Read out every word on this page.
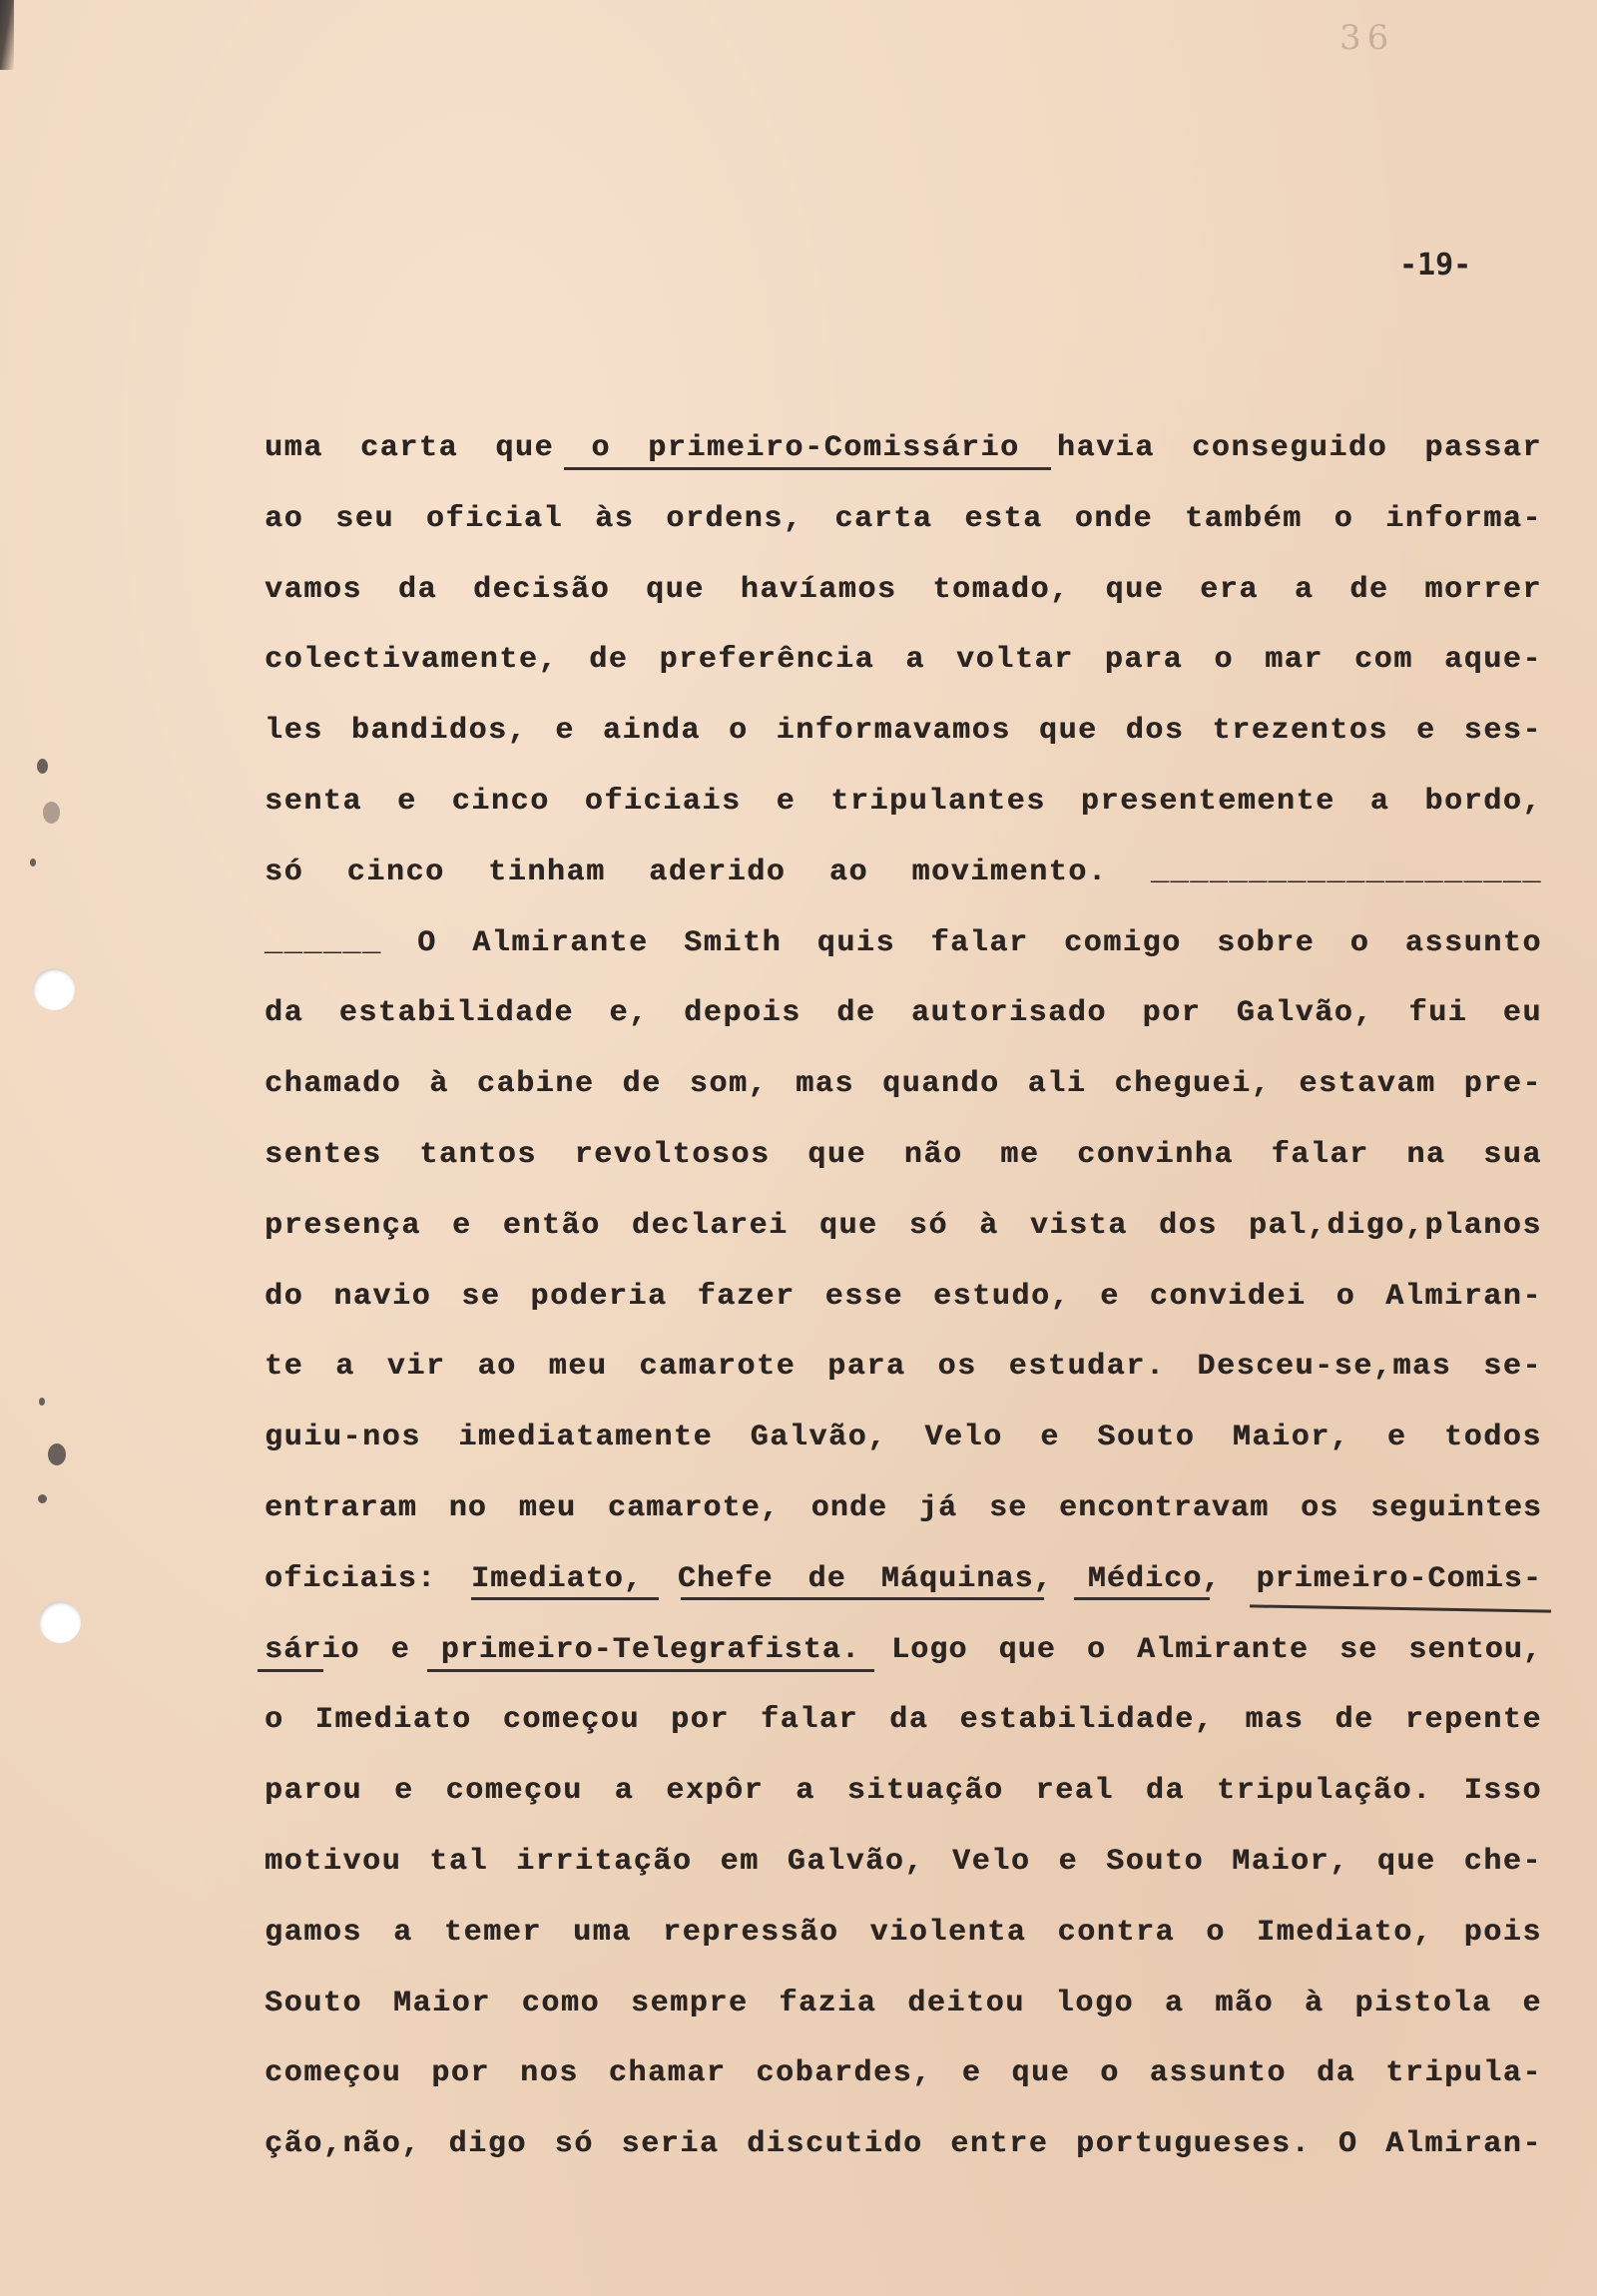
36
-19-
uma carta que o primeiro-Comissário havia conseguido passar
ao seu oficial às ordens, carta esta onde também o informa-
vamos da decisão que havíamos tomado, que era a de morrer
colectivamente, de preferência a voltar para o mar com aque-
les bandidos, e ainda o informavamos que dos trezentos e ses-
senta e cinco oficiais e tripulantes presentemente a bordo,
só cinco tinham aderido ao movimento. ____________________
______ O Almirante Smith quis falar comigo sobre o assunto
da estabilidade e, depois de autorisado por Galvão, fui eu
chamado à cabine de som, mas quando ali cheguei, estavam pre-
sentes tantos revoltosos que não me convinha falar na sua
presença e então declarei que só à vista dos pal,digo,planos
do navio se poderia fazer esse estudo, e convidei o Almiran-
te a vir ao meu camarote para os estudar. Desceu-se,mas se-
guiu-nos imediatamente Galvão, Velo e Souto Maior, e todos
entraram no meu camarote, onde já se encontravam os seguintes
oficiais: Imediato, Chefe de Máquinas, Médico, primeiro-Comis-
sário e primeiro-Telegrafista. Logo que o Almirante se sentou,
o Imediato começou por falar da estabilidade, mas de repente
parou e começou a expôr a situação real da tripulação. Isso
motivou tal irritação em Galvão, Velo e Souto Maior, que che-
gamos a temer uma repressão violenta contra o Imediato, pois
Souto Maior como sempre fazia deitou logo a mão à pistola e
começou por nos chamar cobardes, e que o assunto da tripula-
ção,não, digo só seria discutido entre portugueses. O Almiran-
